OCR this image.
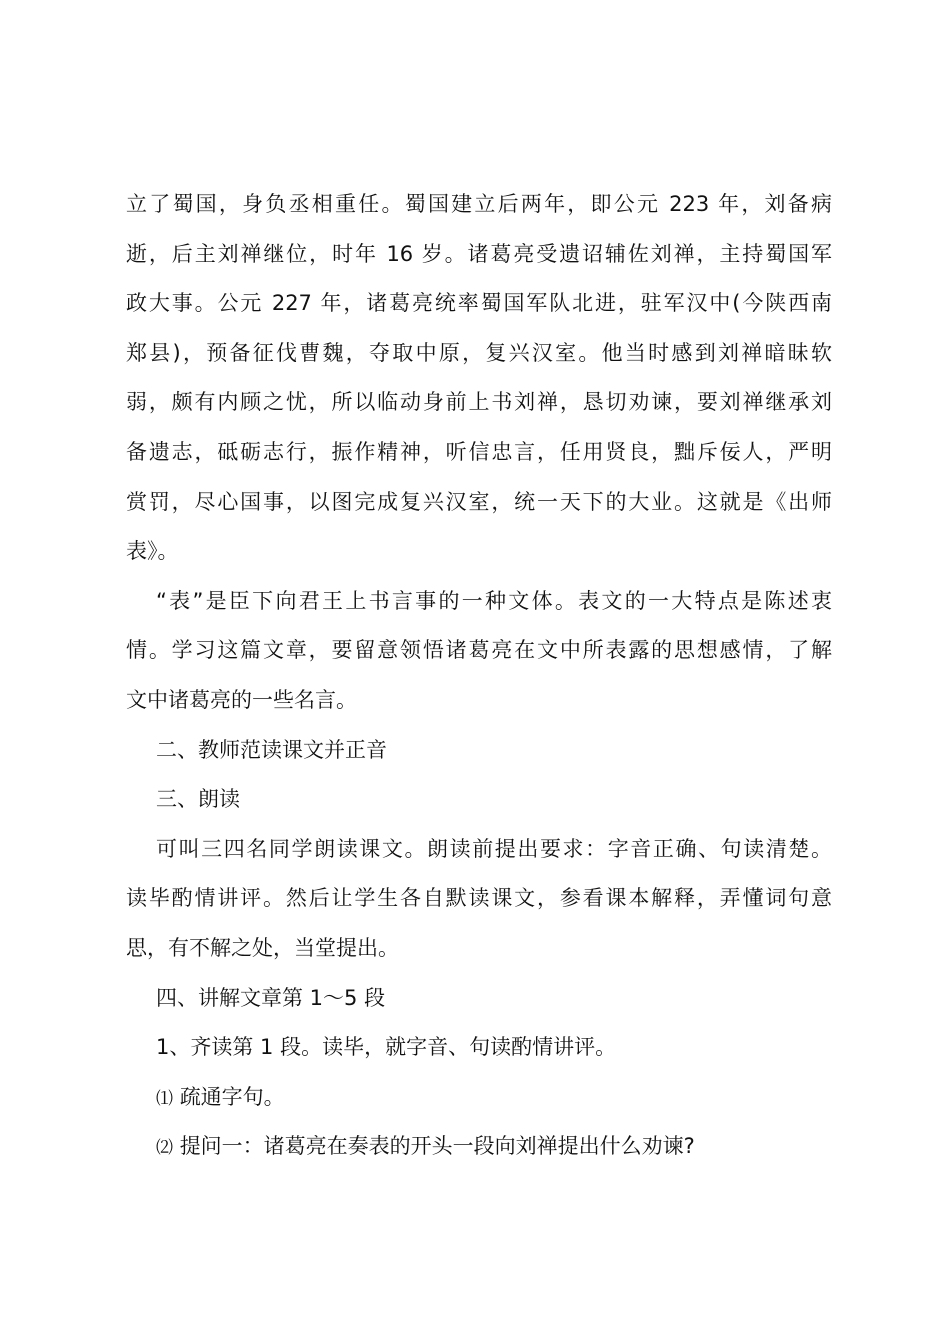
立了蜀国，身负丞相重任。蜀国建立后两年，即公元 223 年，刘备病
逝，后主刘禅继位，时年 16 岁。诸葛亮受遗诏辅佐刘禅，主持蜀国军
政大事。公元 227 年，诸葛亮统率蜀国军队北进，驻军汉中(今陕西南
郑县)，预备征伐曹魏，夺取中原，复兴汉室。他当时感到刘禅暗昧软
弱，颇有内顾之忧，所以临动身前上书刘禅，恳切劝谏，要刘禅继承刘
备遗志，砥砺志行，振作精神，听信忠言，任用贤良，黜斥佞人，严明
赏罚，尽心国事，以图完成复兴汉室，统一天下的大业。这就是《出师
表》。
“表”是臣下向君王上书言事的一种文体。表文的一大特点是陈述衷
情。学习这篇文章，要留意领悟诸葛亮在文中所表露的思想感情，了解
文中诸葛亮的一些名言。
二、教师范读课文并正音
三、朗读
可叫三四名同学朗读课文。朗读前提出要求：字音正确、句读清楚。
读毕酌情讲评。然后让学生各自默读课文，参看课本解释，弄懂词句意
思，有不解之处，当堂提出。
四、讲解文章第 1～5 段
1、齐读第 1 段。读毕，就字音、句读酌情讲评。
⑴ 疏通字句。
⑵ 提问一：诸葛亮在奏表的开头一段向刘禅提出什么劝谏?
